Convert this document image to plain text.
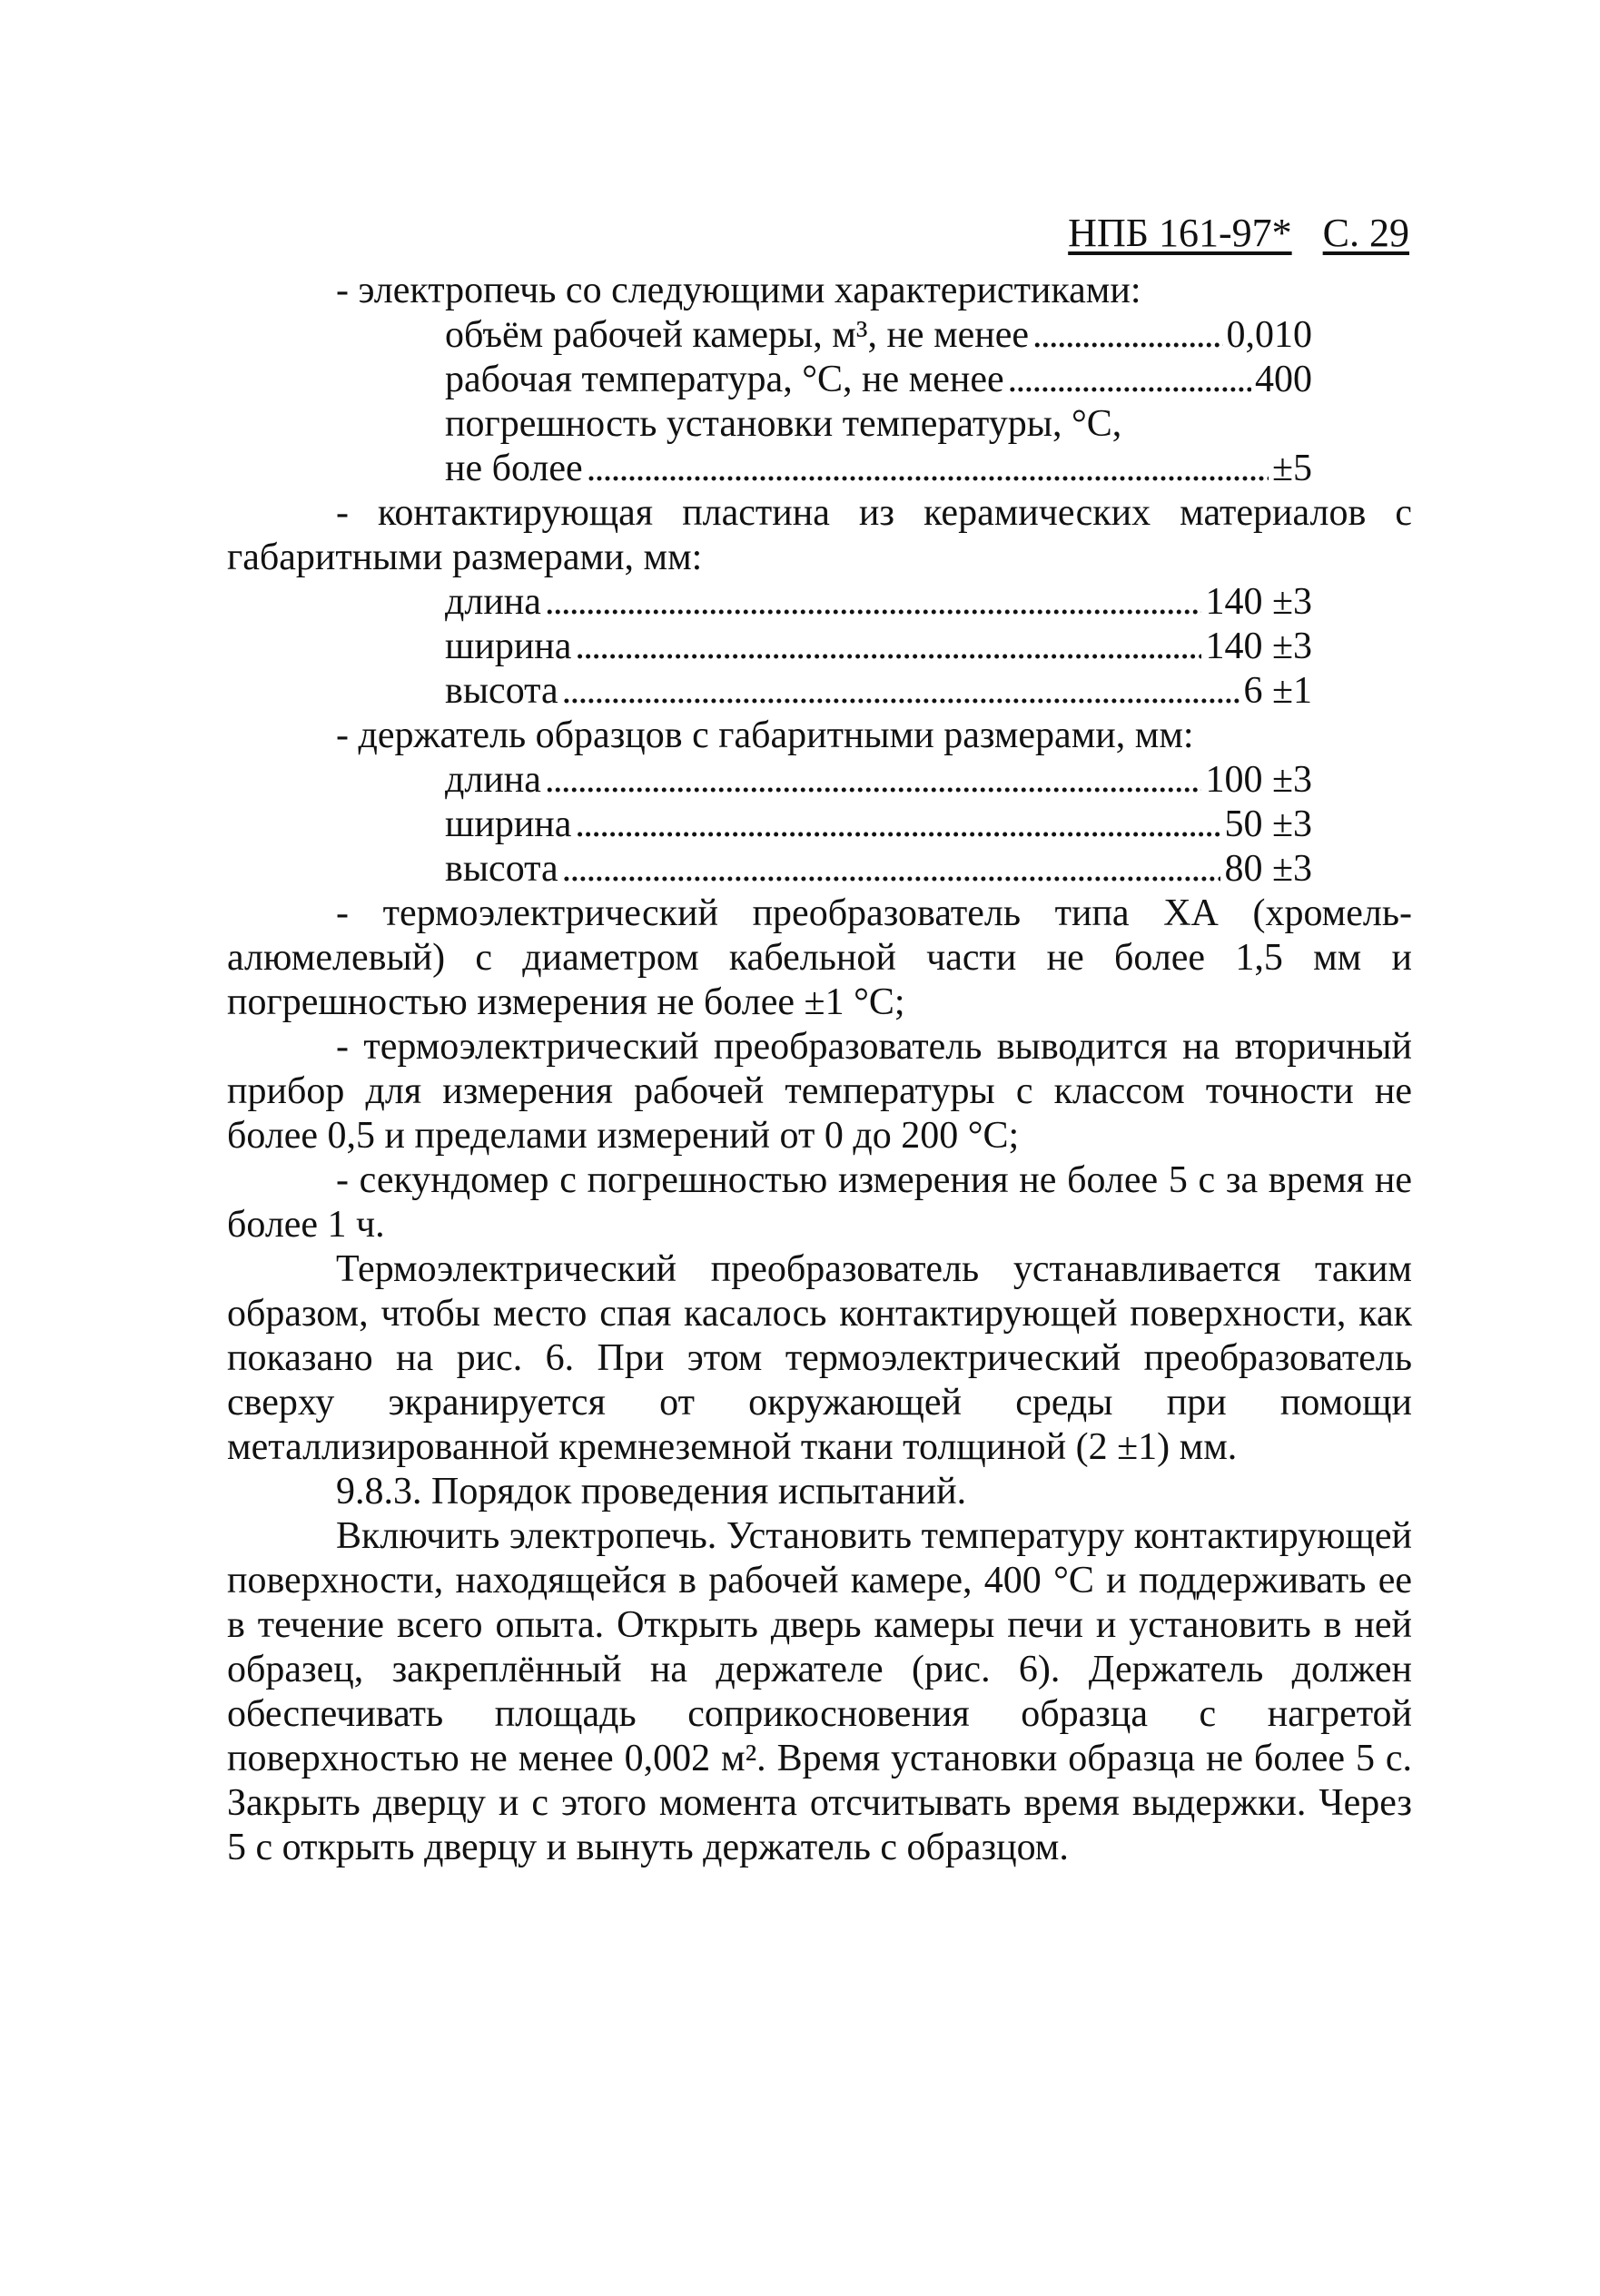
НПБ 161-97* С. 29
- электропечь со следующими характеристиками:
объём рабочей камеры, м³, не менее . . .	0,010
рабочая температура, °С, не менее . . .	400
погрешность установки температуры, °С,
не более . . .	±5
- контактирующая пластина из керамических материалов с габаритными размерами, мм:
длина . . .	140 ±3
ширина . . .	140 ±3
высота . . .	6 ±1
- держатель образцов с габаритными размерами, мм:
длина . . .	100 ±3
ширина . . .	50 ±3
высота . . .	80 ±3
- термоэлектрический преобразователь типа ХА (хромель-алюмелевый) с диаметром кабельной части не более 1,5 мм и погрешностью измерения не более ±1 °С;
- термоэлектрический преобразователь выводится на вторичный прибор для измерения рабочей температуры с классом точности не более 0,5 и пределами измерений от 0 до 200 °С;
- секундомер с погрешностью измерения не более 5 с за время не более 1 ч.
Термоэлектрический преобразователь устанавливается таким образом, чтобы место спая касалось контактирующей поверхности, как показано на рис. 6. При этом термоэлектрический преобразователь сверху экранируется от окружающей среды при помощи металлизированной кремнеземной ткани толщиной (2 ±1) мм.
9.8.3. Порядок проведения испытаний.
Включить электропечь. Установить температуру контактирующей поверхности, находящейся в рабочей камере, 400 °С и поддерживать ее в течение всего опыта. Открыть дверь камеры печи и установить в ней образец, закреплённый на держателе (рис. 6). Держатель должен обеспечивать площадь соприкосновения образца с нагретой поверхностью не менее 0,002 м². Время установки образца не более 5 с. Закрыть дверцу и с этого момента отсчитывать время выдержки. Через 5 с открыть дверцу и вынуть держатель с образцом.
